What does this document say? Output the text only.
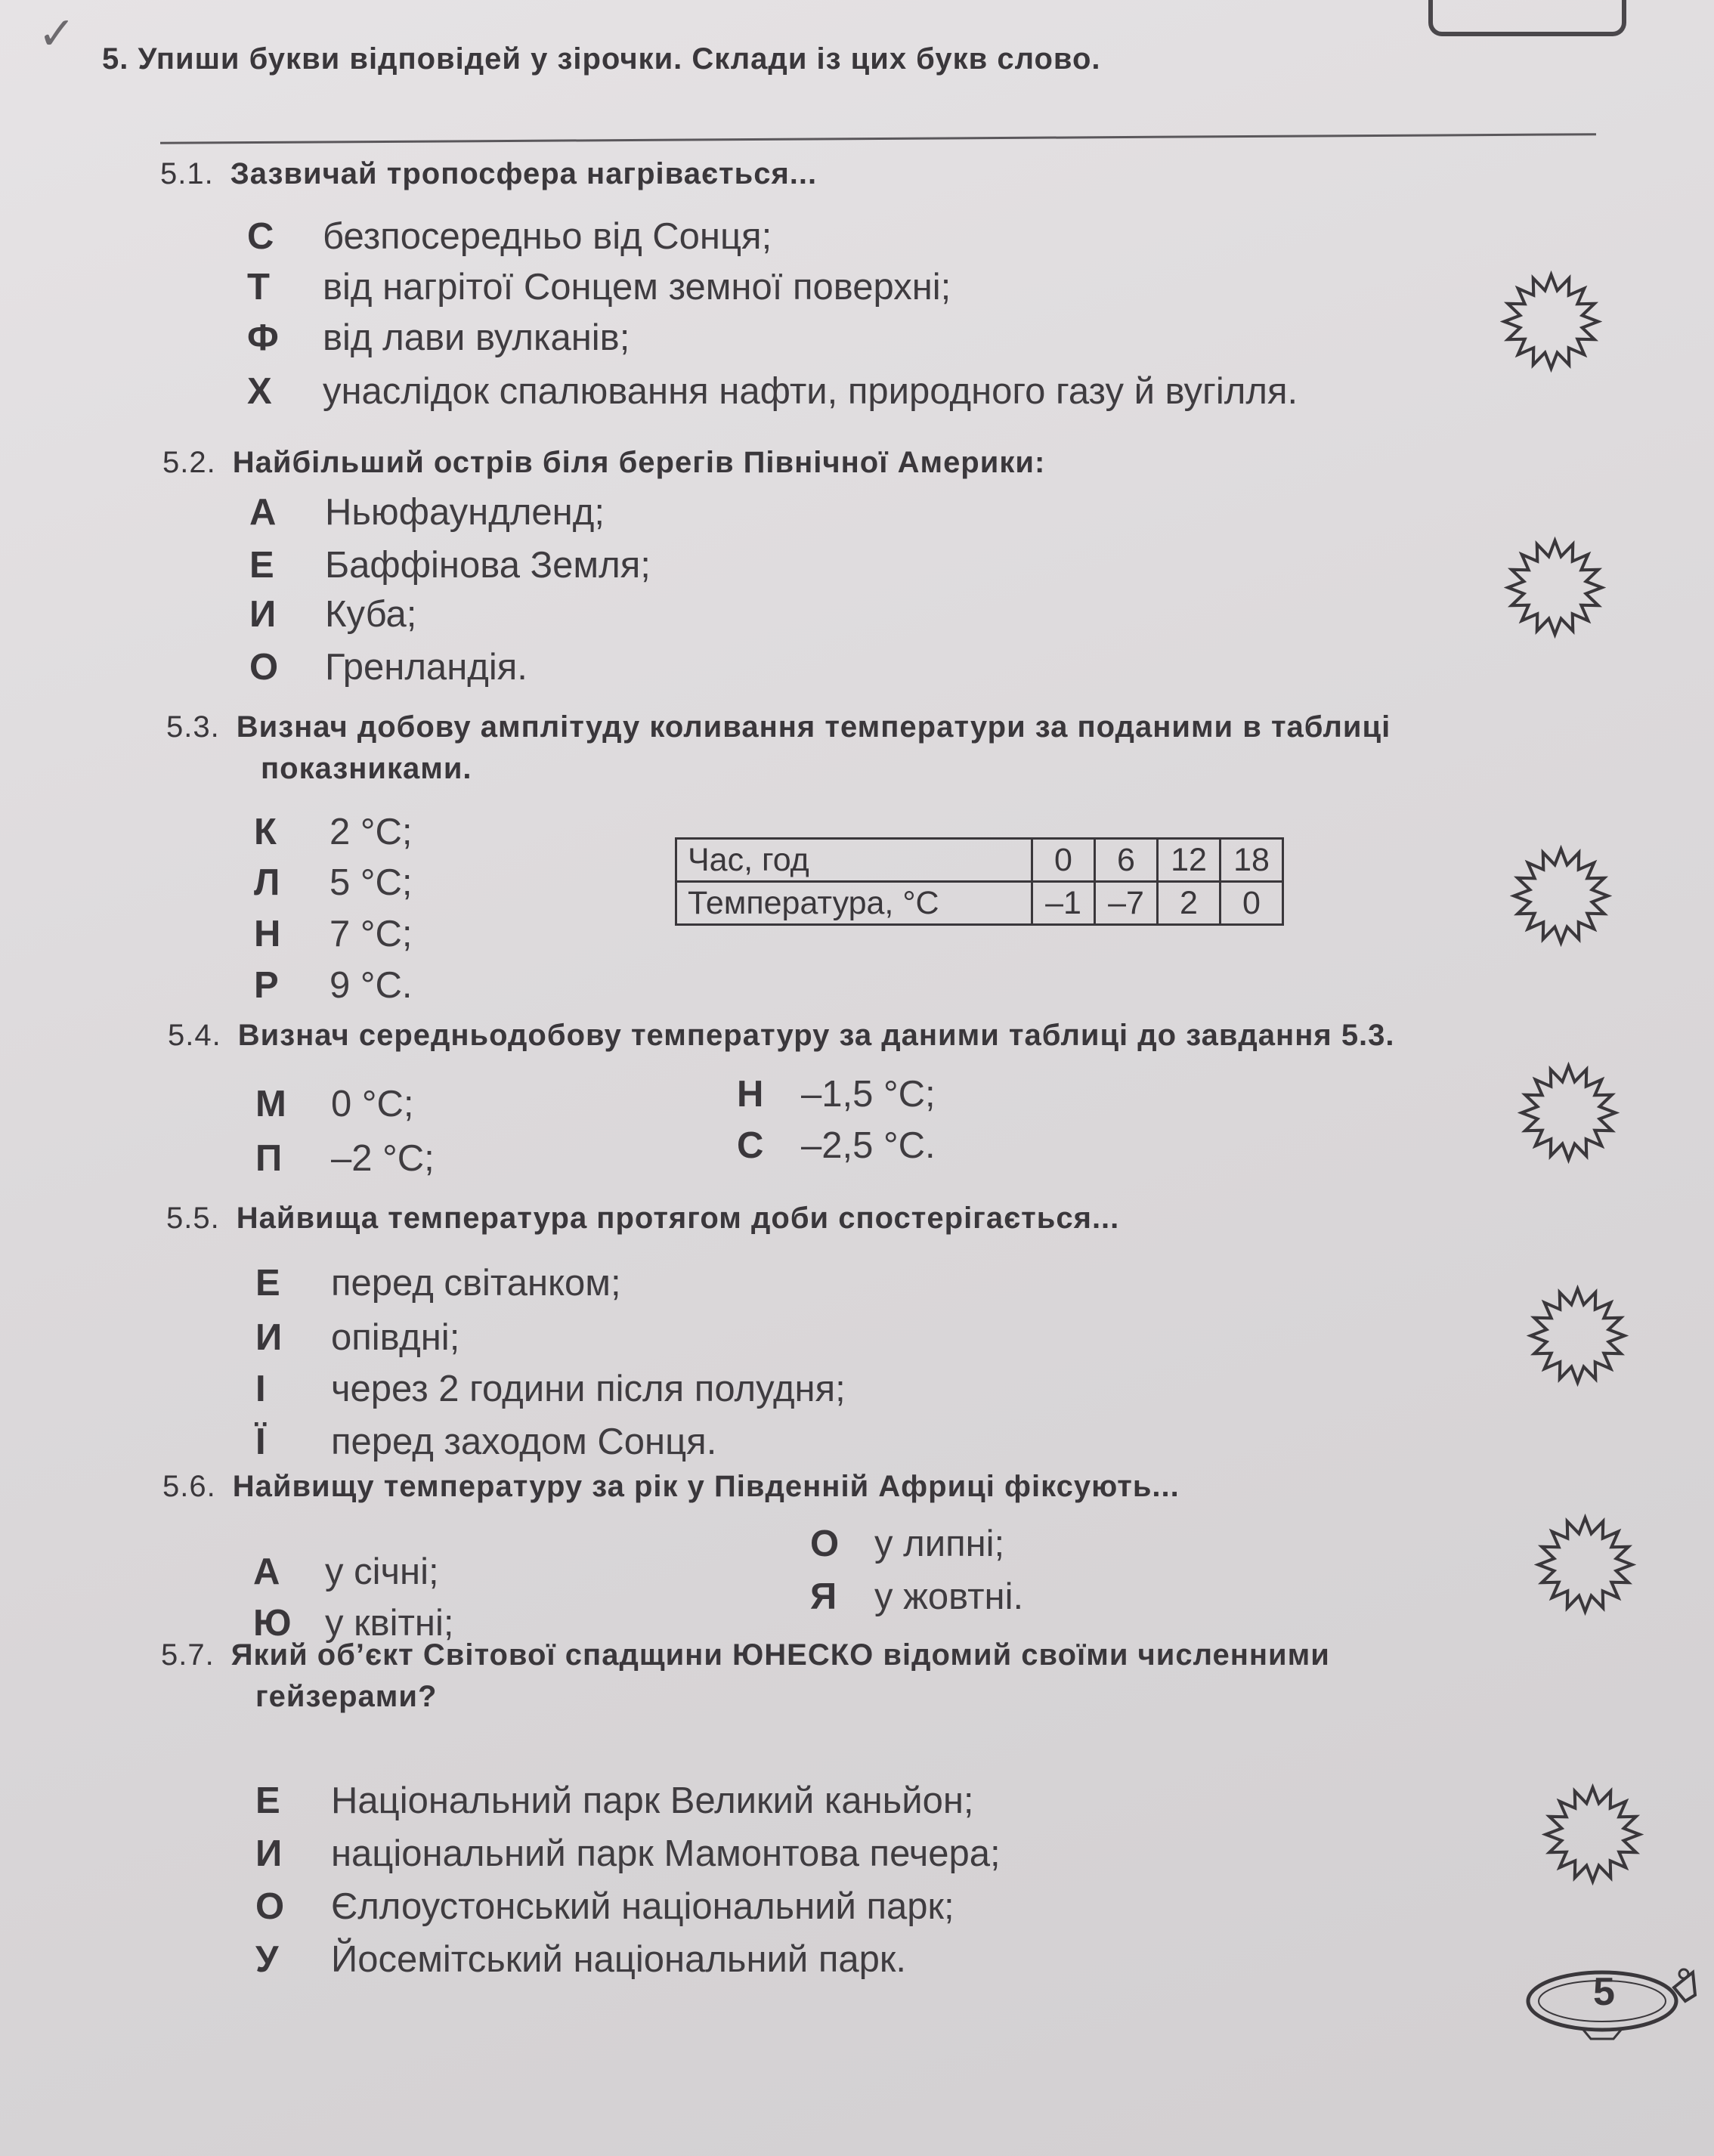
✓ 5. Упиши букви відповідей у зірочки. Склади із цих букв слово.
5.1. Зазвичай тропосфера нагрівається...
С безпосередньо від Сонця;
Т від нагрітої Сонцем земної поверхні;
Ф від лави вулканів;
Х унаслідок спалювання нафти, природного газу й вугілля.
5.2. Найбільший острів біля берегів Північної Америки:
А Ньюфаундленд;
Е Баффінова Земля;
И Куба;
О Гренландія.
5.3. Визнач добову амплітуду коливання температури за поданими в таблиці
показниками.
К 2 °С;
Л 5 °С;
Н 7 °С;
Р 9 °С.
Час, год	0	6	12	18
Температура, °С	–1	–7	2	0
5.4. Визнач середньодобову температуру за даними таблиці до завдання 5.3.
М 0 °С;
П –2 °С;
Н –1,5 °С;
С –2,5 °С.
5.5. Найвища температура протягом доби спостерігається...
Е перед світанком;
И опівдні;
І через 2 години після полудня;
Ї перед заходом Сонця.
5.6. Найвищу температуру за рік у Південній Африці фіксують...
А у січні;
Ю у квітні;
О у липні;
Я у жовтні.
5.7. Який об’єкт Світової спадщини ЮНЕСКО відомий своїми численними
гейзерами?
Е Національний парк Великий каньйон;
И національний парк Мамонтова печера;
О Єллоустонський національний парк;
У Йосемітський національний парк.
5
